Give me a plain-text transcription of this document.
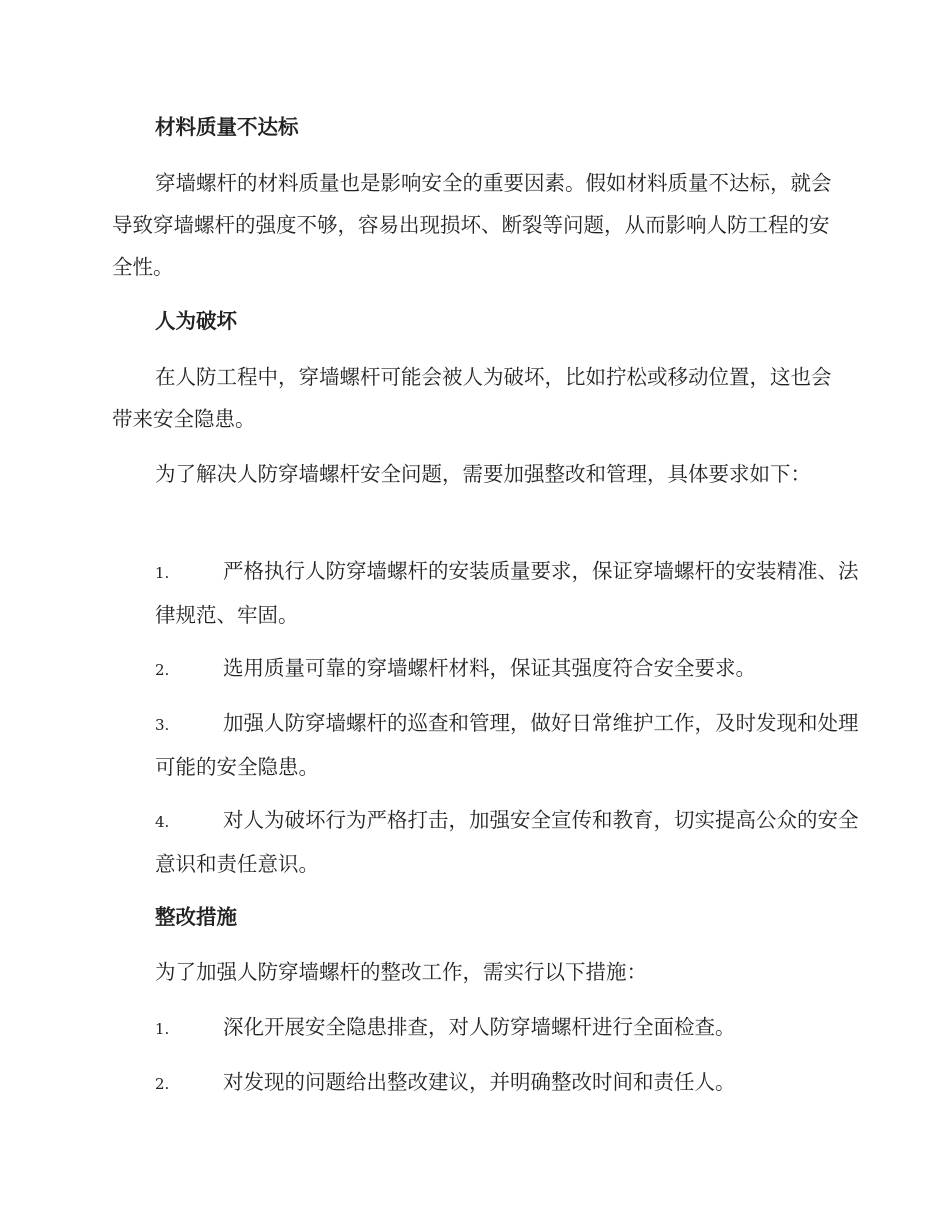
材料质量不达标
穿墙螺杆的材料质量也是影响安全的重要因素。假如材料质量不达标，就会导致穿墙螺杆的强度不够，容易出现损坏、断裂等问题，从而影响人防工程的安全性。
人为破坏
在人防工程中，穿墙螺杆可能会被人为破坏，比如拧松或移动位置，这也会带来安全隐患。
为了解决人防穿墙螺杆安全问题，需要加强整改和管理，具体要求如下：
1.	严格执行人防穿墙螺杆的安装质量要求，保证穿墙螺杆的安装精准、法律规范、牢固。
2.	选用质量可靠的穿墙螺杆材料，保证其强度符合安全要求。
3.	加强人防穿墙螺杆的巡查和管理，做好日常维护工作，及时发现和处理可能的安全隐患。
4.	对人为破坏行为严格打击，加强安全宣传和教育，切实提高公众的安全意识和责任意识。
整改措施
为了加强人防穿墙螺杆的整改工作，需实行以下措施：
1.	深化开展安全隐患排查，对人防穿墙螺杆进行全面检查。
2.	对发现的问题给出整改建议，并明确整改时间和责任人。
